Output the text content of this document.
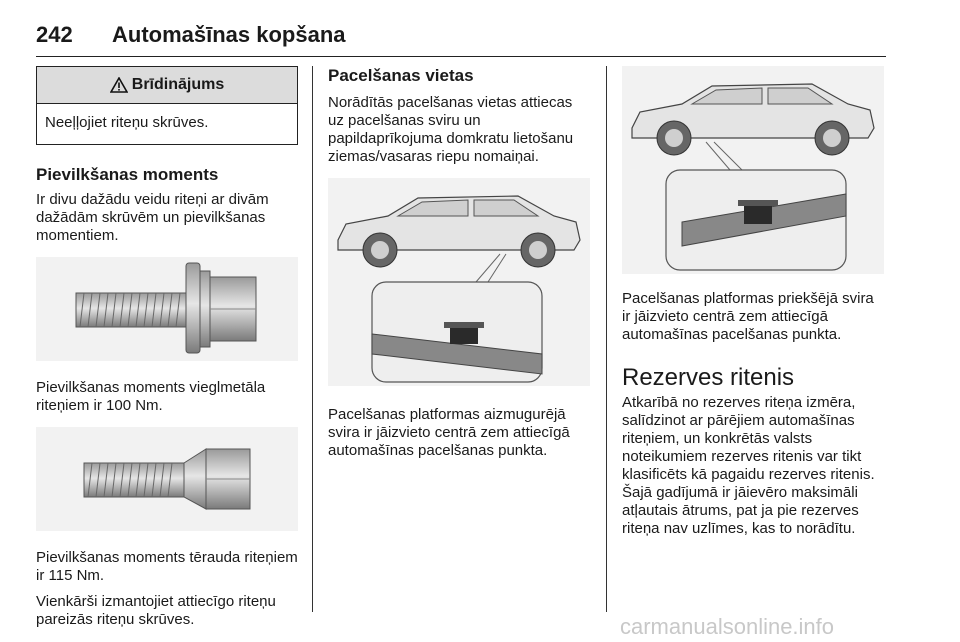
242 Automašīnas kopšana
Brīdinājums
Neeļļojiet riteņu skrūves.
Pievilkšanas moments

Ir divu dažādu veidu riteņi ar divām dažādām skrūvēm un pievilkšanas momentiem.

Pievilkšanas moments vieglmetāla riteņiem ir 100 Nm.

Pievilkšanas moments tērauda riteņiem ir 115 Nm.

Vienkārši izmantojiet attiecīgo riteņu pareizās riteņu skrūves.

Pacelšanas vietas

Norādītās pacelšanas vietas attiecas uz pacelšanas sviru un papildaprīkojuma domkratu lietošanu ziemas/vasaras riepu nomaiņai.

Pacelšanas platformas aizmugurējā svira ir jāizvieto centrā zem attiecīgā automašīnas pacelšanas punkta.

Pacelšanas platformas priekšējā svira ir jāizvieto centrā zem attiecīgā automašīnas pacelšanas punkta.

Rezerves ritenis

Atkarībā no rezerves riteņa izmēra, salīdzinot ar pārējiem automašīnas riteņiem, un konkrētās valsts noteikumiem rezerves ritenis var tikt klasificēts kā pagaidu rezerves ritenis. Šajā gadījumā ir jāievēro maksimāli atļautais ātrums, pat ja pie rezerves riteņa nav uzlīmes, kas to norādītu.

carmanualsonline.info
